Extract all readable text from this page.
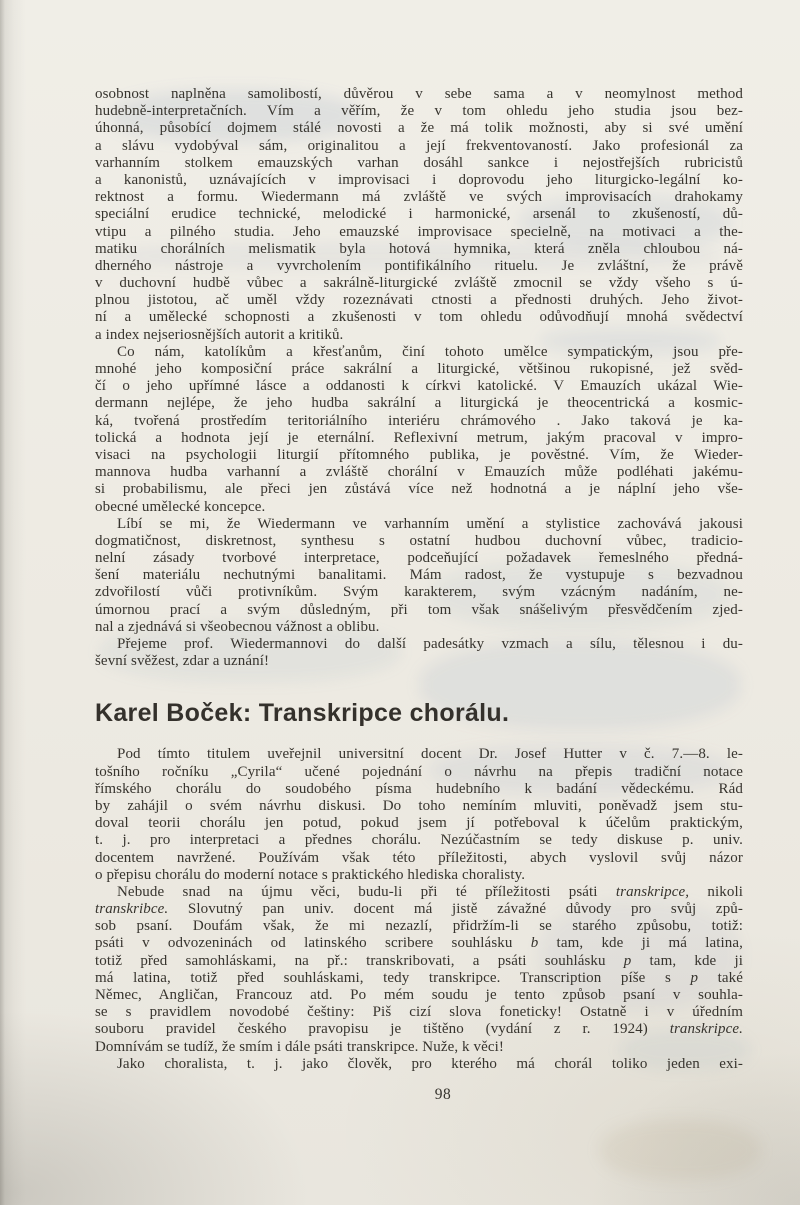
osobnost naplněna samolibostí, důvěrou v sebe sama a v neomylnost method
hudebně-interpretačních. Vím a věřím, že v tom ohledu jeho studia jsou bez-
úhonná, působící dojmem stálé novosti a že má tolik možnosti, aby si své umění
a slávu vydobýval sám, originalitou a její frekventovaností. Jako profesionál za
varhanním stolkem emauzských varhan dosáhl sankce i nejostřejších rubricistů
a kanonistů, uznávajících v improvisaci i doprovodu jeho liturgicko-legální ko-
rektnost a formu. Wiedermann má zvláště ve svých improvisacích drahokamy
speciální erudice technické, melodické i harmonické, arsenál to zkušeností, dů-
vtipu a pilného studia. Jeho emauzské improvisace specielně, na motivaci a the-
matiku chorálních melismatik byla hotová hymnika, která zněla chloubou ná-
dherného nástroje a vyvrcholením pontifikálního rituelu. Je zvláštní, že právě
v duchovní hudbě vůbec a sakrálně-liturgické zvláště zmocnil se vždy všeho s ú-
plnou jistotou, ač uměl vždy rozeznávati ctnosti a přednosti druhých. Jeho život-
ní a umělecké schopnosti a zkušenosti v tom ohledu odůvodňují mnohá svědectví
a index nejseriosnějších autorit a kritiků.
Co nám, katolíkům a křesťanům, činí tohoto umělce sympatickým, jsou pře-
mnohé jeho komposiční práce sakrální a liturgické, většinou rukopisné, jež svěd-
čí o jeho upřímné lásce a oddanosti k církvi katolické. V Emauzích ukázal Wie-
dermann nejlépe, že jeho hudba sakrální a liturgická je theocentrická a kosmic-
ká, tvořená prostředím teritoriálního interiéru chrámového . Jako taková je ka-
tolická a hodnota její je eternální. Reflexivní metrum, jakým pracoval v impro-
visaci na psychologii liturgií přítomného publika, je pověstné. Vím, že Wieder-
mannova hudba varhanní a zvláště chorální v Emauzích může podléhati jakému-
si probabilismu, ale přeci jen zůstává více než hodnotná a je náplní jeho vše-
obecné umělecké koncepce.
Líbí se mi, že Wiedermann ve varhanním umění a stylistice zachovává jakousi
dogmatičnost, diskretnost, synthesu s ostatní hudbou duchovní vůbec, tradicio-
nelní zásady tvorbové interpretace, podceňující požadavek řemeslného předná-
šení materiálu nechutnými banalitami. Mám radost, že vystupuje s bezvadnou
zdvořilostí vůči protivníkům. Svým karakterem, svým vzácným nadáním, ne-
úmornou prací a svým důsledným, při tom však snášelivým přesvědčením zjed-
nal a zjednává si všeobecnou vážnost a oblibu.
Přejeme prof. Wiedermannovi do další padesátky vzmach a sílu, tělesnou i du-
ševní svěžest, zdar a uznání!
Karel Boček: Transkripce chorálu.
Pod tímto titulem uveřejnil universitní docent Dr. Josef Hutter v č. 7.—8. le-
tošního ročníku „Cyrila“ učené pojednání o návrhu na přepis tradiční notace
římského chorálu do soudobého písma hudebního k badání vědeckému. Rád
by zahájil o svém návrhu diskusi. Do toho nemíním mluviti, poněvadž jsem stu-
doval teorii chorálu jen potud, pokud jsem jí potřeboval k účelům praktickým,
t. j. pro interpretaci a přednes chorálu. Nezúčastním se tedy diskuse p. univ.
docentem navržené. Používám však této příležitosti, abych vyslovil svůj názor
o přepisu chorálu do moderní notace s praktického hlediska choralisty.
Nebude snad na újmu věci, budu-li při té příležitosti psáti transkripce, nikoli
transkribce. Slovutný pan univ. docent má jistě závažné důvody pro svůj způ-
sob psaní. Doufám však, že mi nezazlí, přidržím-li se starého způsobu, totiž:
psáti v odvozeninách od latinského scribere souhlásku b tam, kde ji má latina,
totiž před samohláskami, na př.: transkribovati, a psáti souhlásku p tam, kde ji
má latina, totiž před souhláskami, tedy transkripce. Transcription píše s p také
Němec, Angličan, Francouz atd. Po mém soudu je tento způsob psaní v souhla-
se s pravidlem novodobé češtiny: Piš cizí slova foneticky! Ostatně i v úředním
souboru pravidel českého pravopisu je tištěno (vydání z r. 1924) transkripce.
Domnívám se tudíž, že smím i dále psáti transkripce. Nuže, k věci!
Jako choralista, t. j. jako člověk, pro kterého má chorál toliko jeden exi-
98
